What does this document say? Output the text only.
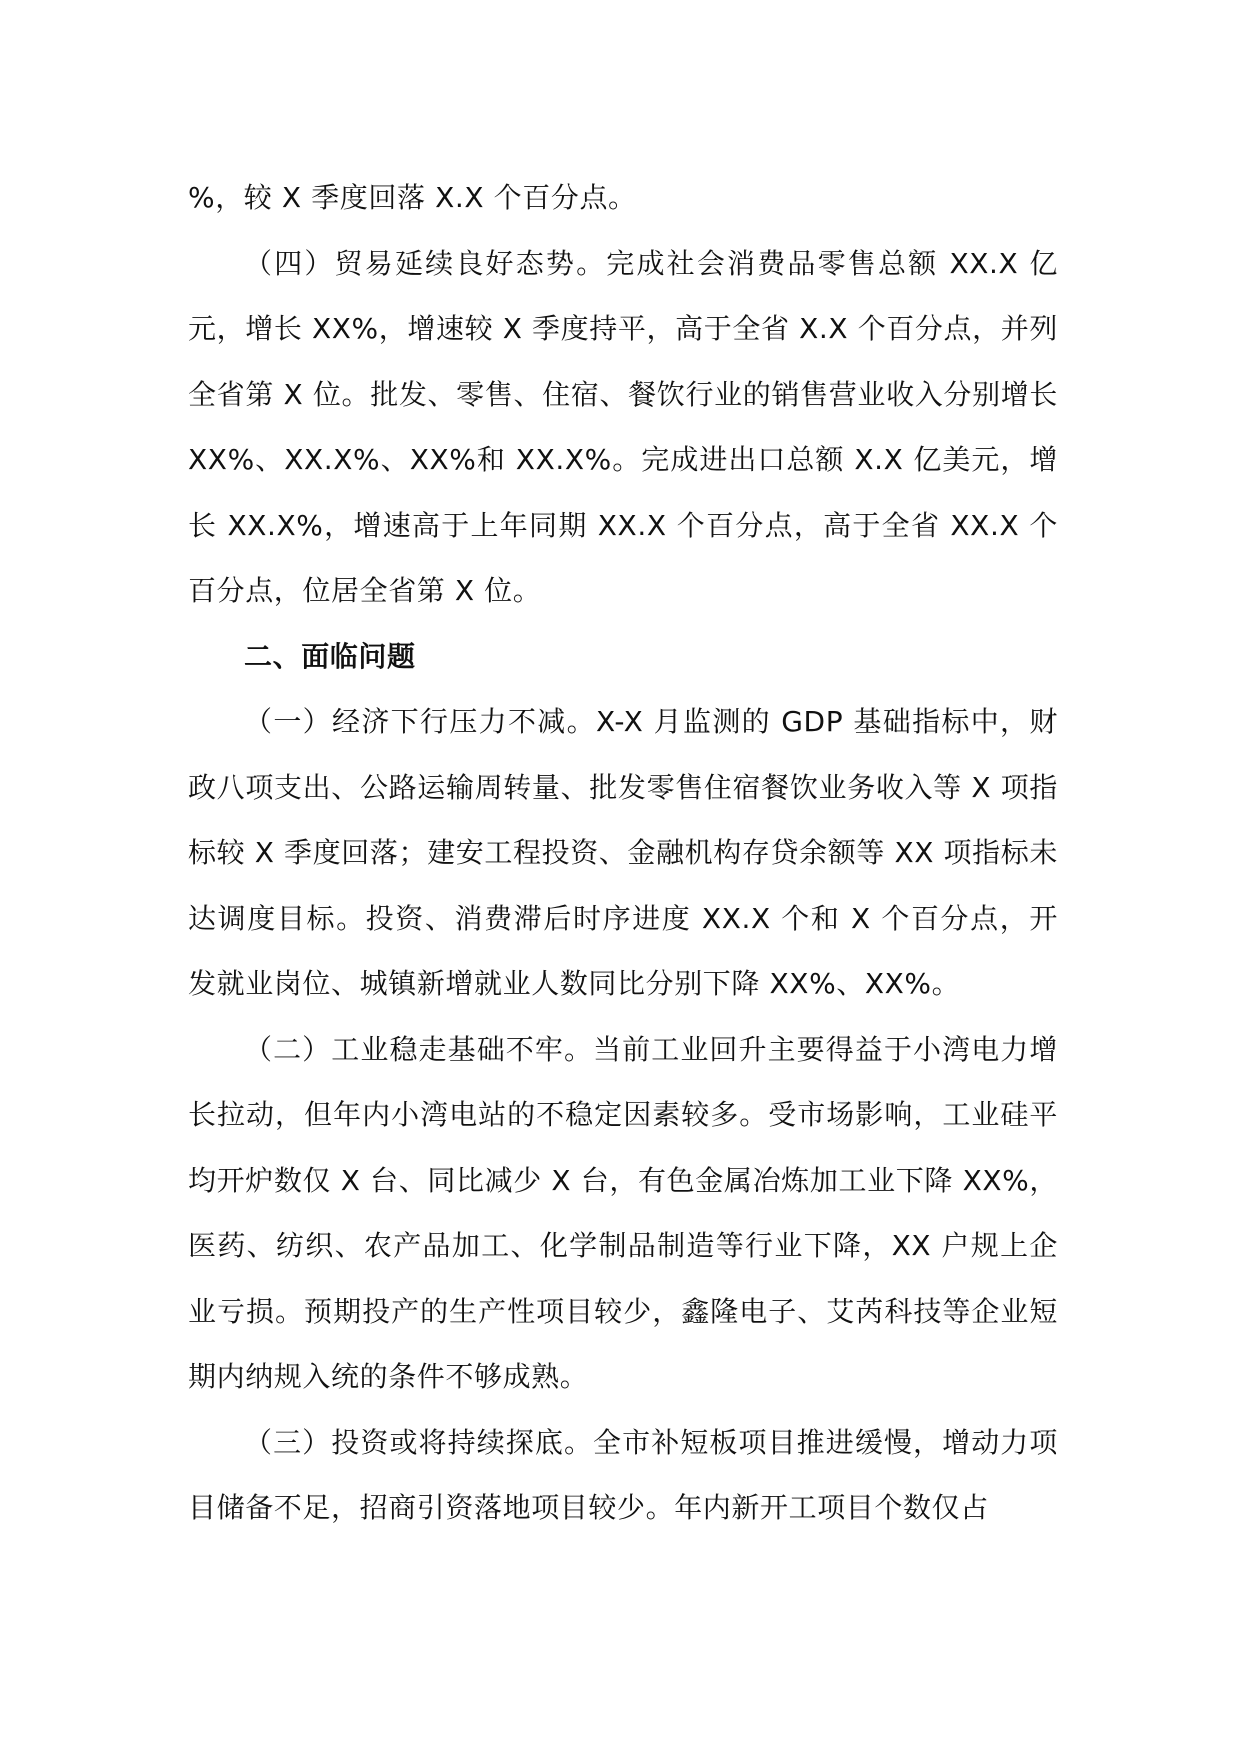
%，较 X 季度回落 X.X 个百分点。

（四）贸易延续良好态势。完成社会消费品零售总额 XX.X 亿元，增长 XX%，增速较 X 季度持平，高于全省 X.X 个百分点，并列全省第 X 位。批发、零售、住宿、餐饮行业的销售营业收入分别增长 XX%、XX.X%、XX%和 XX.X%。完成进出口总额 X.X 亿美元，增长 XX.X%，增速高于上年同期 XX.X 个百分点，高于全省 XX.X 个百分点，位居全省第 X 位。

二、面临问题

（一）经济下行压力不减。X-X 月监测的 GDP 基础指标中，财政八项支出、公路运输周转量、批发零售住宿餐饮业务收入等 X 项指标较 X 季度回落；建安工程投资、金融机构存贷余额等 XX 项指标未达调度目标。投资、消费滞后时序进度 XX.X 个和 X 个百分点，开发就业岗位、城镇新增就业人数同比分别下降 XX%、XX%。

（二）工业稳走基础不牢。当前工业回升主要得益于小湾电力增长拉动，但年内小湾电站的不稳定因素较多。受市场影响，工业硅平均开炉数仅 X 台、同比减少 X 台，有色金属冶炼加工业下降 XX%，医药、纺织、农产品加工、化学制品制造等行业下降，XX 户规上企业亏损。预期投产的生产性项目较少，鑫隆电子、艾芮科技等企业短期内纳规入统的条件不够成熟。

（三）投资或将持续探底。全市补短板项目推进缓慢，增动力项目储备不足，招商引资落地项目较少。年内新开工项目个数仅占
